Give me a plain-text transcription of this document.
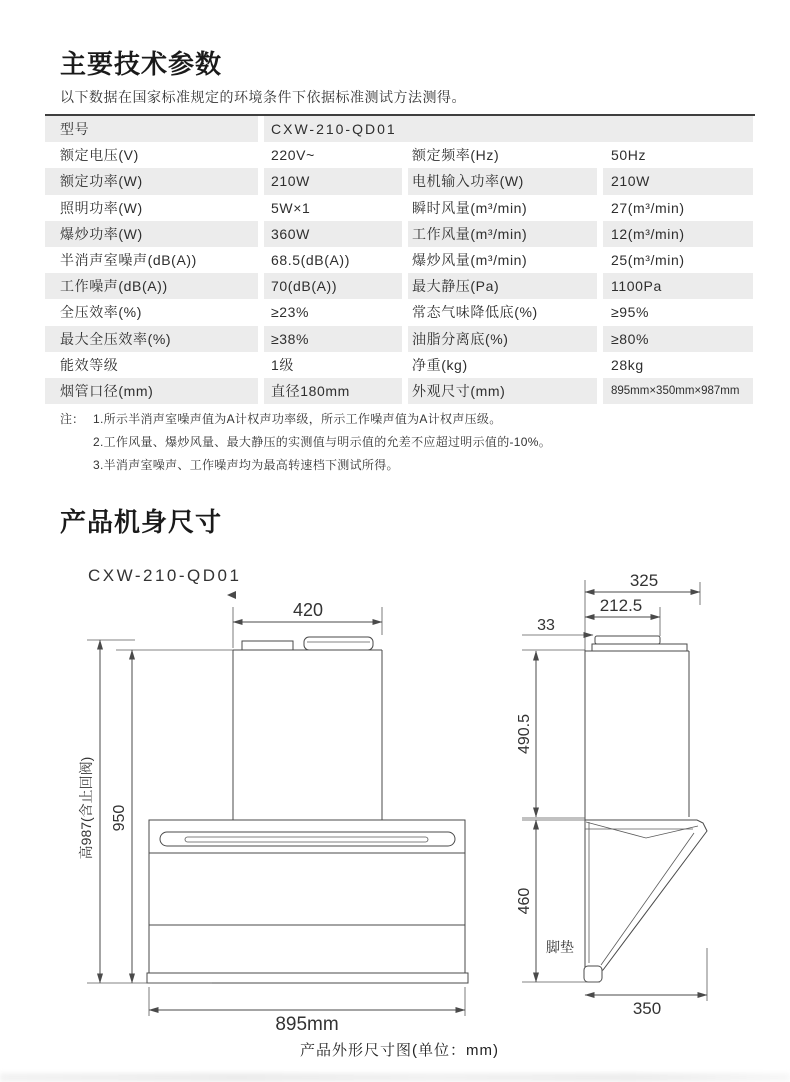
主要技术参数
以下数据在国家标准规定的环境条件下依据标准测试方法测得。
型号	CXW-210-QD01
额定电压(V)	220V~	额定频率(Hz)	50Hz
额定功率(W)	210W	电机输入功率(W)	210W
照明功率(W)	5W×1	瞬时风量(m³/min)	27(m³/min)
爆炒功率(W)	360W	工作风量(m³/min)	12(m³/min)
半消声室噪声(dB(A))	68.5(dB(A))	爆炒风量(m³/min)	25(m³/min)
工作噪声(dB(A))	70(dB(A))	最大静压(Pa)	1100Pa
全压效率(%)	≥23%	常态气味降低底(%)	≥95%
最大全压效率(%)	≥38%	油脂分离底(%)	≥80%
能效等级	1级	净重(kg)	28kg
烟管口径(mm)	直径180mm	外观尺寸(mm)	895mm×350mm×987mm
注： 1.所示半消声室噪声值为A计权声功率级，所示工作噪声值为A计权声压级。
2.工作风量、爆炒风量、最大静压的实测值与明示值的允差不应超过明示值的-10%。
3.半消声室噪声、工作噪声均为最高转速档下测试所得。
产品机身尺寸
CXW-210-QD01
420
高987(含止回阀) 950
895mm
325
212.5
33
490.5
460
脚垫
350
产品外形尺寸图(单位：mm)
